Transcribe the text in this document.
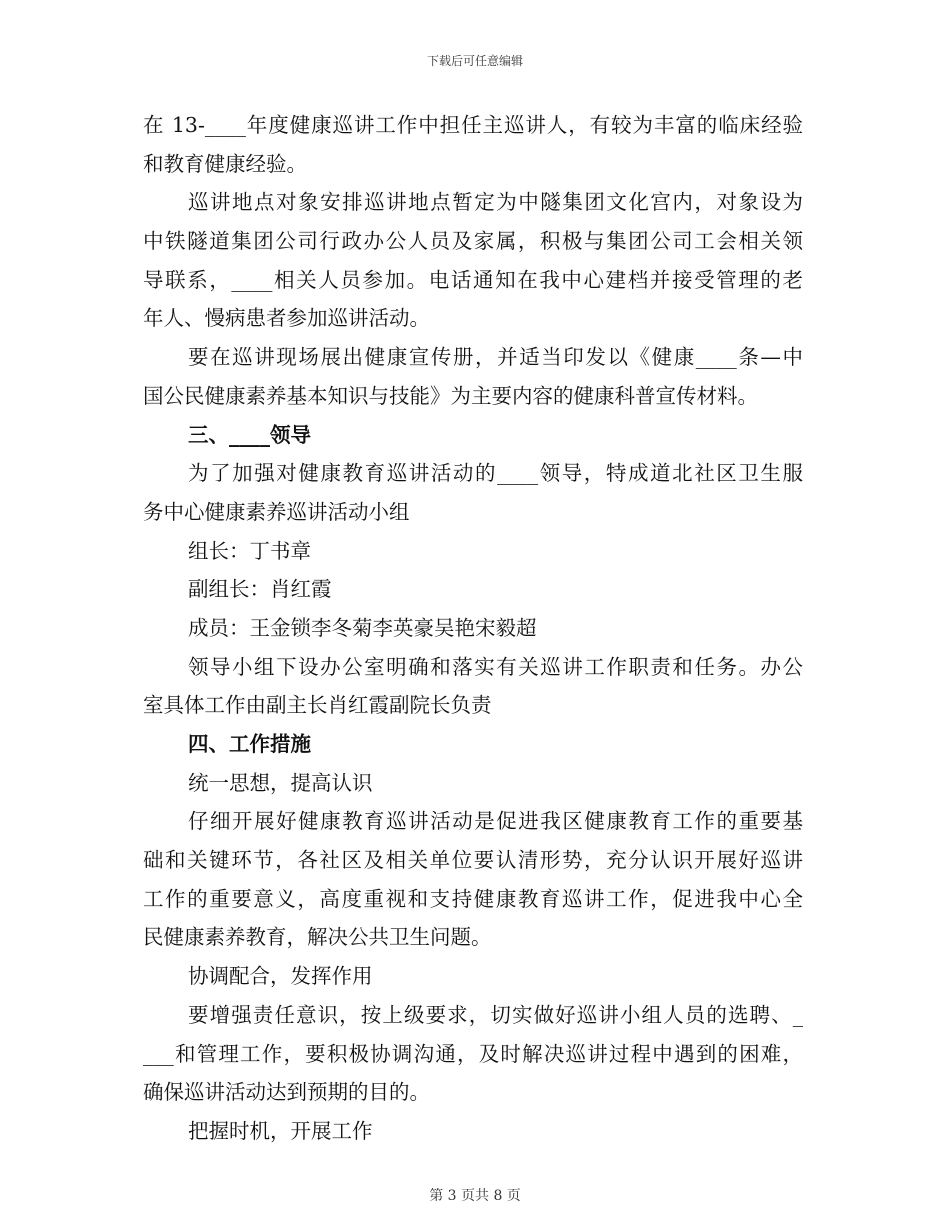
下载后可任意编辑
在 13-____年度健康巡讲工作中担任主巡讲人，有较为丰富的临床经验
和教育健康经验。
巡讲地点对象安排巡讲地点暂定为中隧集团文化宫内，对象设为
中铁隧道集团公司行政办公人员及家属，积极与集团公司工会相关领
导联系，____相关人员参加。电话通知在我中心建档并接受管理的老
年人、慢病患者参加巡讲活动。
要在巡讲现场展出健康宣传册，并适当印发以《健康____条—中
国公民健康素养基本知识与技能》为主要内容的健康科普宣传材料。
三、____领导
为了加强对健康教育巡讲活动的____领导，特成道北社区卫生服
务中心健康素养巡讲活动小组
组长：丁书章
副组长：肖红霞
成员：王金锁李冬菊李英豪吴艳宋毅超
领导小组下设办公室明确和落实有关巡讲工作职责和任务。办公
室具体工作由副主长肖红霞副院长负责
四、工作措施
统一思想，提高认识
仔细开展好健康教育巡讲活动是促进我区健康教育工作的重要基
础和关键环节，各社区及相关单位要认清形势，充分认识开展好巡讲
工作的重要意义，高度重视和支持健康教育巡讲工作，促进我中心全
民健康素养教育，解决公共卫生问题。
协调配合，发挥作用
要增强责任意识，按上级要求，切实做好巡讲小组人员的选聘、_
___和管理工作，要积极协调沟通，及时解决巡讲过程中遇到的困难，
确保巡讲活动达到预期的目的。
把握时机，开展工作
第 3 页共 8 页
